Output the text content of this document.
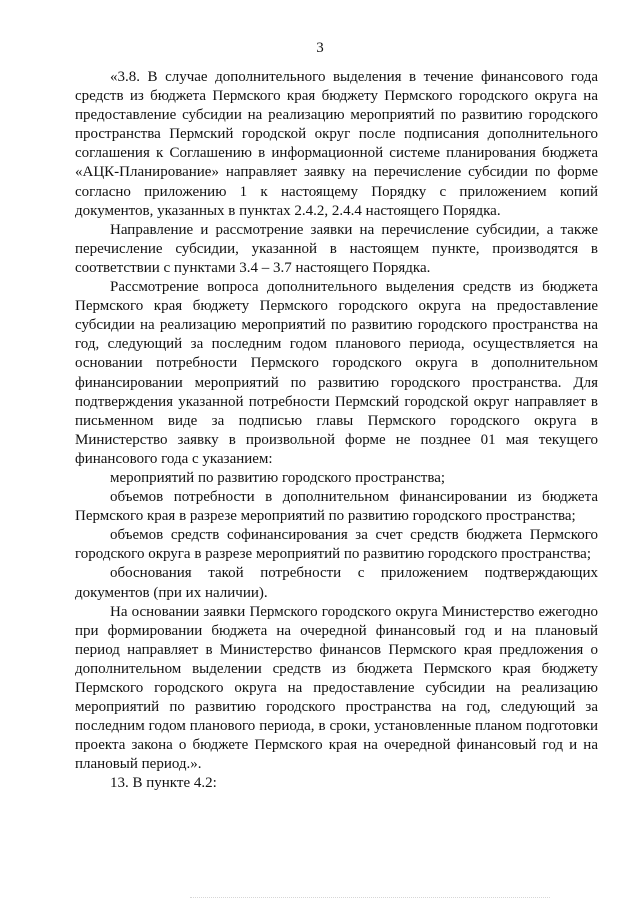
3

«3.8. В случае дополнительного выделения в течение финансового года средств из бюджета Пермского края бюджету Пермского городского округа на предоставление субсидии на реализацию мероприятий по развитию городского пространства Пермский городской округ после подписания дополнительного соглашения к Соглашению в информационной системе планирования бюджета «АЦК-Планирование» направляет заявку на перечисление субсидии по форме согласно приложению 1 к настоящему Порядку с приложением копий документов, указанных в пунктах 2.4.2, 2.4.4 настоящего Порядка.

Направление и рассмотрение заявки на перечисление субсидии, а также перечисление субсидии, указанной в настоящем пункте, производятся в соответствии с пунктами 3.4 – 3.7 настоящего Порядка.

Рассмотрение вопроса дополнительного выделения средств из бюджета Пермского края бюджету Пермского городского округа на предоставление субсидии на реализацию мероприятий по развитию городского пространства на год, следующий за последним годом планового периода, осуществляется на основании потребности Пермского городского округа в дополнительном финансировании мероприятий по развитию городского пространства. Для подтверждения указанной потребности Пермский городской округ направляет в письменном виде за подписью главы Пермского городского округа в Министерство заявку в произвольной форме не позднее 01 мая текущего финансового года с указанием:

мероприятий по развитию городского пространства;

объемов потребности в дополнительном финансировании из бюджета Пермского края в разрезе мероприятий по развитию городского пространства;

объемов средств софинансирования за счет средств бюджета Пермского городского округа в разрезе мероприятий по развитию городского пространства;

обоснования такой потребности с приложением подтверждающих документов (при их наличии).

На основании заявки Пермского городского округа Министерство ежегодно при формировании бюджета на очередной финансовый год и на плановый период направляет в Министерство финансов Пермского края предложения о дополнительном выделении средств из бюджета Пермского края бюджету Пермского городского округа на предоставление субсидии на реализацию мероприятий по развитию городского пространства на год, следующий за последним годом планового периода, в сроки, установленные планом подготовки проекта закона о бюджете Пермского края на очередной финансовый год и на плановый период.».

13. В пункте 4.2:
